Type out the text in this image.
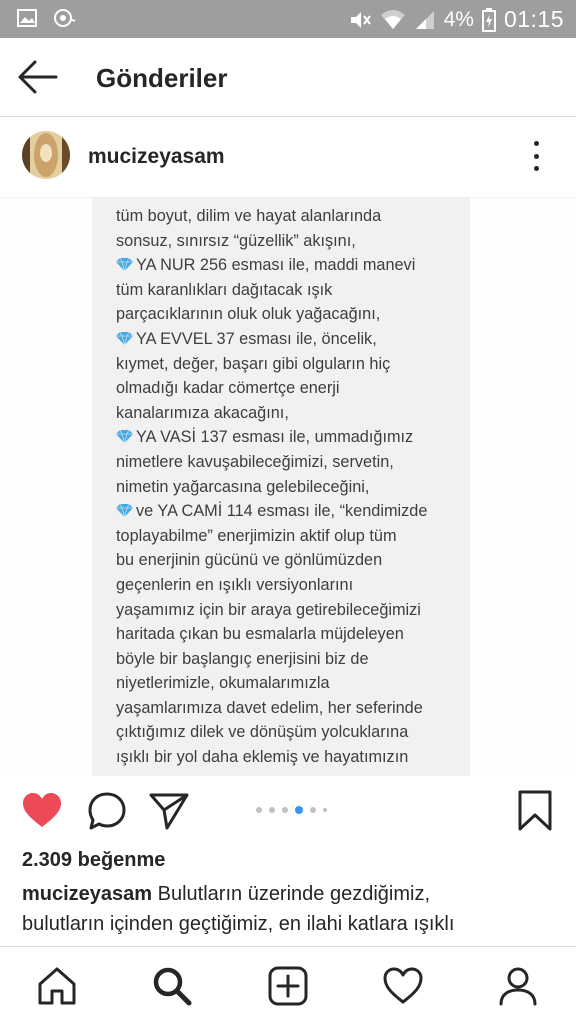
4% 01:15
Gönderiler
mucizeyasam
tüm boyut, dilim ve hayat alanlarında
sonsuz, sınırsız “güzellik” akışını,
YA NUR 256 esması ile, maddi manevi
tüm karanlıkları dağıtacak ışık
parçacıklarının oluk oluk yağacağını,
YA EVVEL 37 esması ile, öncelik,
kıymet, değer, başarı gibi olguların hiç
olmadığı kadar cömertçe enerji
kanalarımıza akacağını,
YA VASİ 137 esması ile, ummadığımız
nimetlere kavuşabileceğimizi, servetin,
nimetin yağarcasına gelebileceğini,
ve YA CAMİ 114 esması ile, “kendimizde
toplayabilme” enerjimizin aktif olup tüm
bu enerjinin gücünü ve gönlümüzden
geçenlerin en ışıklı versiyonlarını
yaşamımız için bir araya getirebileceğimizi
haritada çıkan bu esmalarla müjdeleyen
böyle bir başlangıç enerjisini biz de
niyetlerimizle, okumalarımızla
yaşamlarımıza davet edelim, her seferinde
çıktığımız dilek ve dönüşüm yolcuklarına
ışıklı bir yol daha eklemiş ve hayatımızın
2.309 beğenme
mucizeyasam Bulutların üzerinde gezdiğimiz,
bulutların içinden geçtiğimiz, en ilahi katlara ışıklı
